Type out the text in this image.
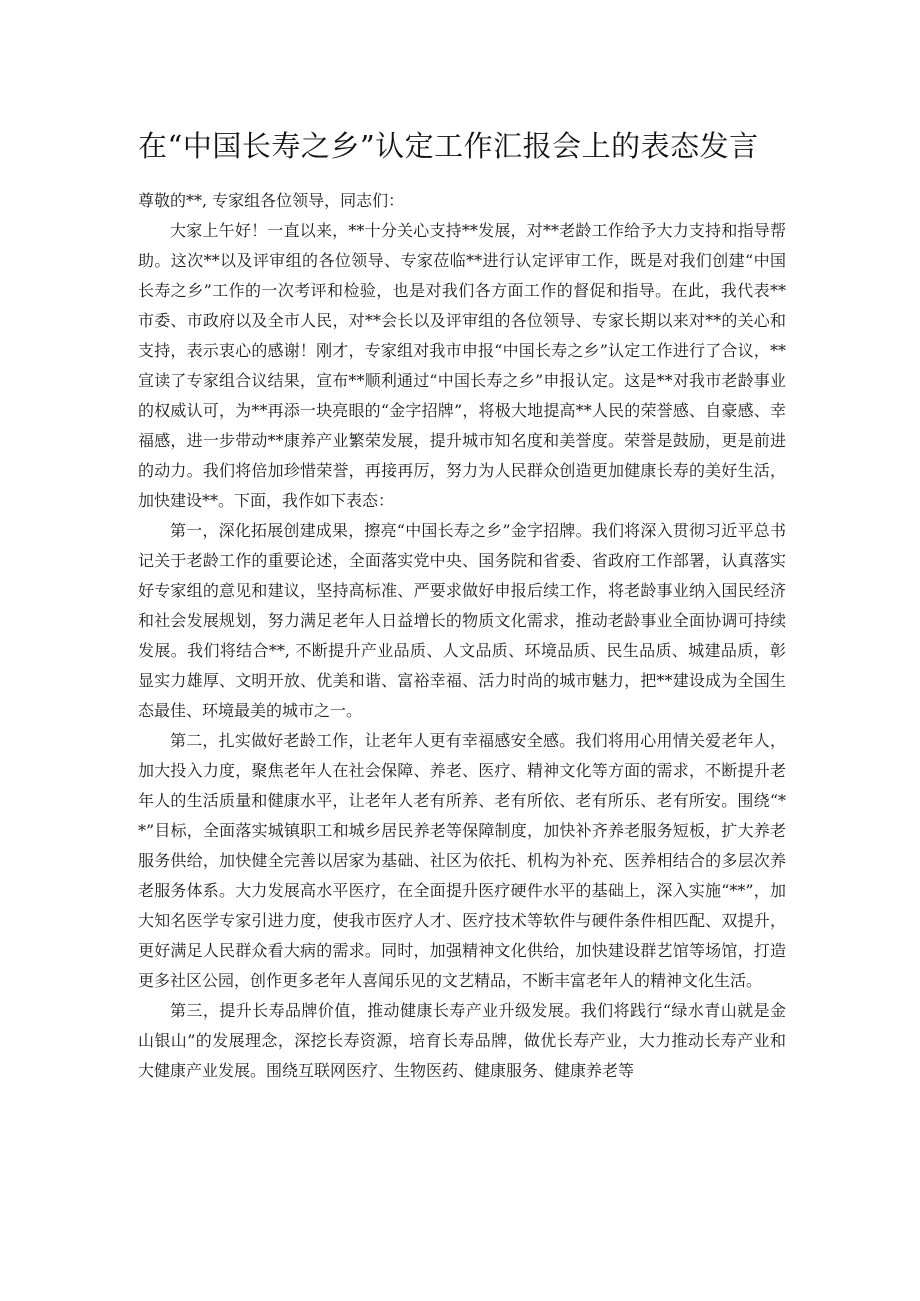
在“中国长寿之乡”认定工作汇报会上的表态发言

尊敬的**, 专家组各位领导，同志们：

大家上午好！一直以来，**十分关心支持**发展，对**老龄工作给予大力支持和指导帮助。这次**以及评审组的各位领导、专家莅临**进行认定评审工作，既是对我们创建“中国长寿之乡”工作的一次考评和检验，也是对我们各方面工作的督促和指导。在此，我代表**市委、市政府以及全市人民，对**会长以及评审组的各位领导、专家长期以来对**的关心和支持，表示衷心的感谢！刚才，专家组对我市申报“中国长寿之乡”认定工作进行了合议，**宣读了专家组合议结果，宣布**顺利通过“中国长寿之乡”申报认定。这是**对我市老龄事业的权威认可，为**再添一块亮眼的“金字招牌”，将极大地提高**人民的荣誉感、自豪感、幸福感，进一步带动**康养产业繁荣发展，提升城市知名度和美誉度。荣誉是鼓励，更是前进的动力。我们将倍加珍惜荣誉，再接再厉，努力为人民群众创造更加健康长寿的美好生活，加快建设**。下面，我作如下表态：

第一，深化拓展创建成果，擦亮“中国长寿之乡”金字招牌。我们将深入贯彻习近平总书记关于老龄工作的重要论述，全面落实党中央、国务院和省委、省政府工作部署，认真落实好专家组的意见和建议，坚持高标准、严要求做好申报后续工作，将老龄事业纳入国民经济和社会发展规划，努力满足老年人日益增长的物质文化需求，推动老龄事业全面协调可持续发展。我们将结合**, 不断提升产业品质、人文品质、环境品质、民生品质、城建品质，彰显实力雄厚、文明开放、优美和谐、富裕幸福、活力时尚的城市魅力，把**建设成为全国生态最佳、环境最美的城市之一。

第二，扎实做好老龄工作，让老年人更有幸福感安全感。我们将用心用情关爱老年人，加大投入力度，聚焦老年人在社会保障、养老、医疗、精神文化等方面的需求，不断提升老年人的生活质量和健康水平，让老年人老有所养、老有所依、老有所乐、老有所安。围绕“**”目标，全面落实城镇职工和城乡居民养老等保障制度，加快补齐养老服务短板，扩大养老服务供给，加快健全完善以居家为基础、社区为依托、机构为补充、医养相结合的多层次养老服务体系。大力发展高水平医疗，在全面提升医疗硬件水平的基础上，深入实施“**”，加大知名医学专家引进力度，使我市医疗人才、医疗技术等软件与硬件条件相匹配、双提升，更好满足人民群众看大病的需求。同时，加强精神文化供给，加快建设群艺馆等场馆，打造更多社区公园，创作更多老年人喜闻乐见的文艺精品，不断丰富老年人的精神文化生活。

第三，提升长寿品牌价值，推动健康长寿产业升级发展。我们将践行“绿水青山就是金山银山”的发展理念，深挖长寿资源，培育长寿品牌，做优长寿产业，大力推动长寿产业和大健康产业发展。围绕互联网医疗、生物医药、健康服务、健康养老等
